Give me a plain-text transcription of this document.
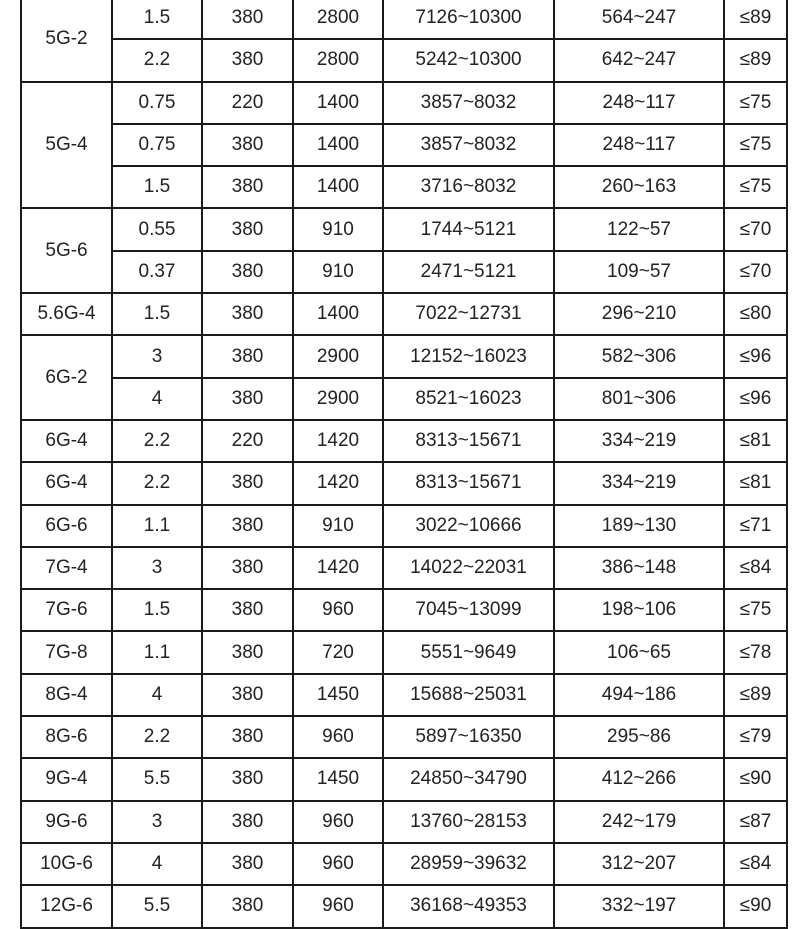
5G-2	1.5	380	2800	7126~10300	564~247	≤89
	2.2	380	2800	5242~10300	642~247	≤89
5G-4	0.75	220	1400	3857~8032	248~117	≤75
	0.75	380	1400	3857~8032	248~117	≤75
	1.5	380	1400	3716~8032	260~163	≤75
5G-6	0.55	380	910	1744~5121	122~57	≤70
	0.37	380	910	2471~5121	109~57	≤70
5.6G-4	1.5	380	1400	7022~12731	296~210	≤80
6G-2	3	380	2900	12152~16023	582~306	≤96
	4	380	2900	8521~16023	801~306	≤96
6G-4	2.2	220	1420	8313~15671	334~219	≤81
6G-4	2.2	380	1420	8313~15671	334~219	≤81
6G-6	1.1	380	910	3022~10666	189~130	≤71
7G-4	3	380	1420	14022~22031	386~148	≤84
7G-6	1.5	380	960	7045~13099	198~106	≤75
7G-8	1.1	380	720	5551~9649	106~65	≤78
8G-4	4	380	1450	15688~25031	494~186	≤89
8G-6	2.2	380	960	5897~16350	295~86	≤79
9G-4	5.5	380	1450	24850~34790	412~266	≤90
9G-6	3	380	960	13760~28153	242~179	≤87
10G-6	4	380	960	28959~39632	312~207	≤84
12G-6	5.5	380	960	36168~49353	332~197	≤90
